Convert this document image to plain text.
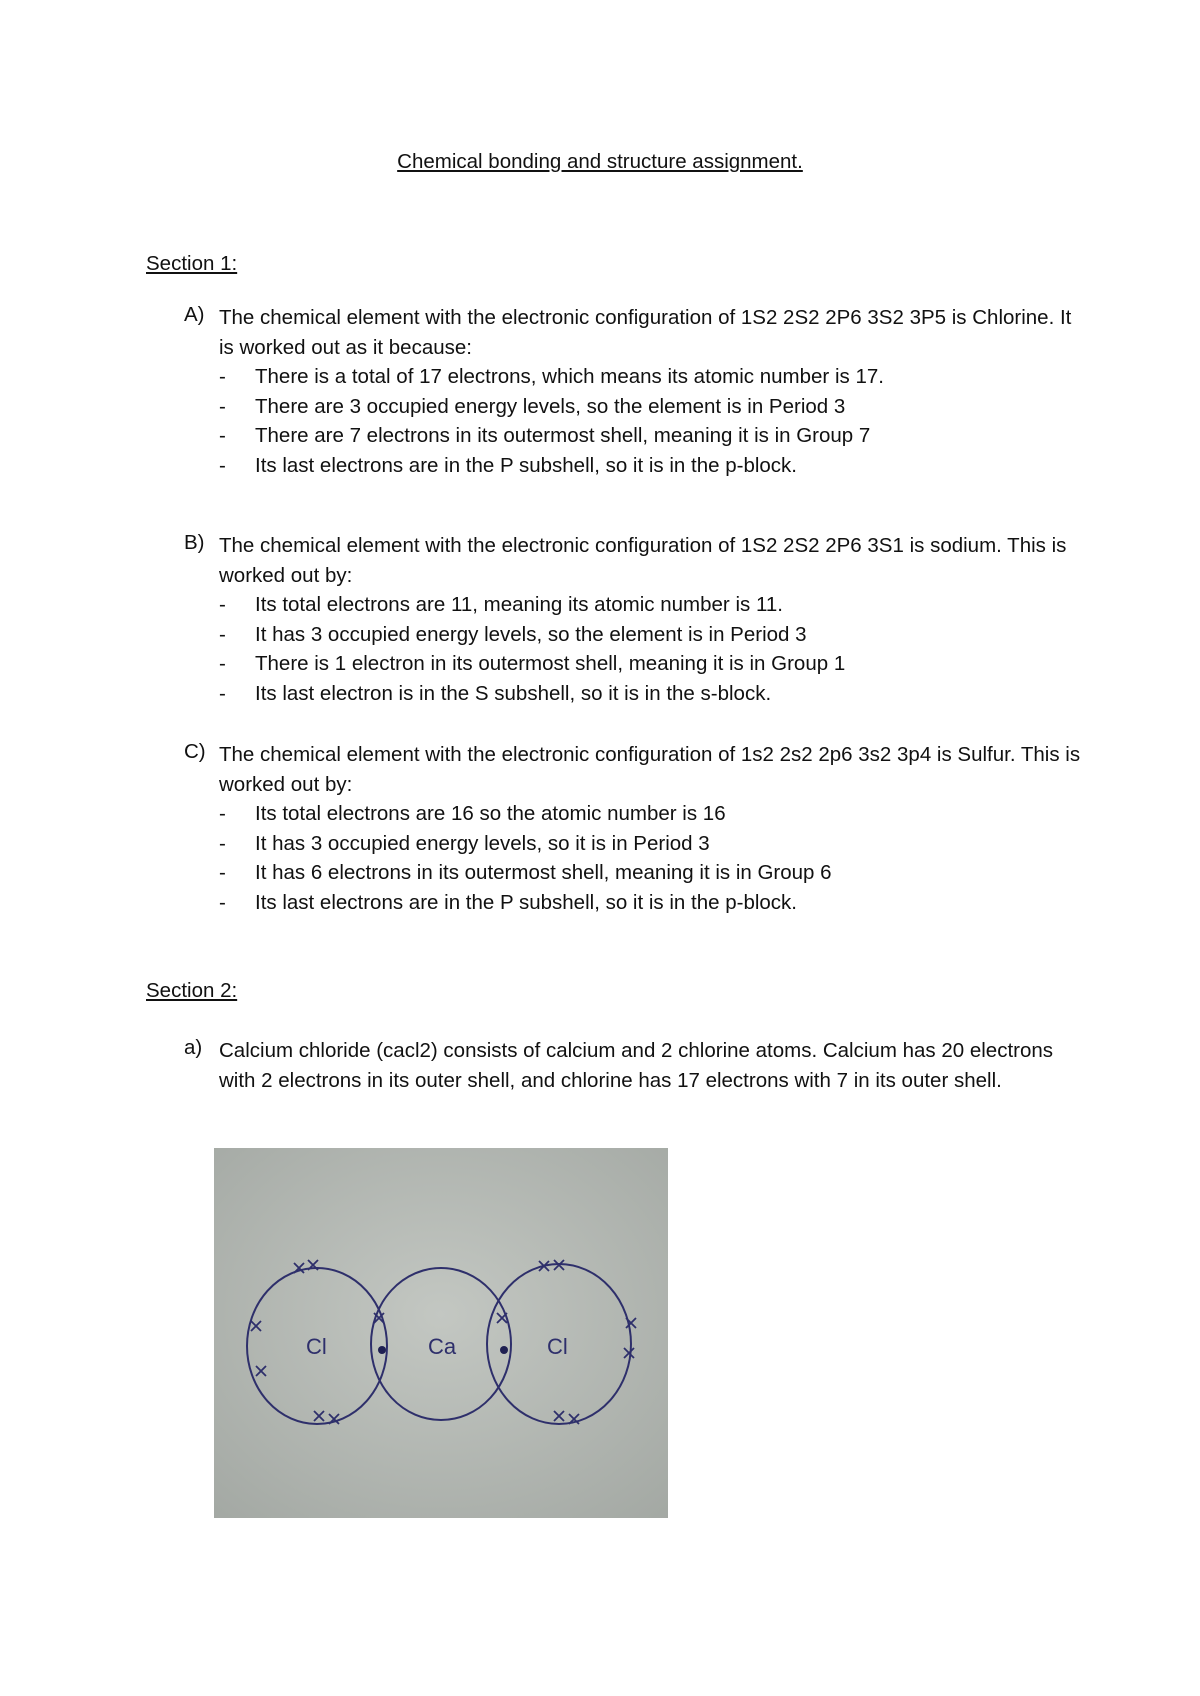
Chemical bonding and structure assignment.
Section 1:
A) The chemical element with the electronic configuration of 1S2 2S2 2P6 3S2 3P5 is Chlorine. It is worked out as it because:
- There is a total of 17 electrons, which means its atomic number is 17.
- There are 3 occupied energy levels, so the element is in Period 3
- There are 7 electrons in its outermost shell, meaning it is in Group 7
- Its last electrons are in the P subshell, so it is in the p-block.
B) The chemical element with the electronic configuration of 1S2 2S2 2P6 3S1 is sodium. This is worked out by:
- Its total electrons are 11, meaning its atomic number is 11.
- It has 3 occupied energy levels, so the element is in Period 3
- There is 1 electron in its outermost shell, meaning it is in Group 1
- Its last electron is in the S subshell, so it is in the s-block.
C) The chemical element with the electronic configuration of 1s2 2s2 2p6 3s2 3p4 is Sulfur. This is worked out by:
- Its total electrons are 16 so the atomic number is 16
- It has 3 occupied energy levels, so it is in Period 3
- It has 6 electrons in its outermost shell, meaning it is in Group 6
- Its last electrons are in the P subshell, so it is in the p-block.
Section 2:
a) Calcium chloride (cacl2) consists of calcium and 2 chlorine atoms. Calcium has 20 electrons with 2 electrons in its outer shell, and chlorine has 17 electrons with 7 in its outer shell.
Cl	Ca	Cl
